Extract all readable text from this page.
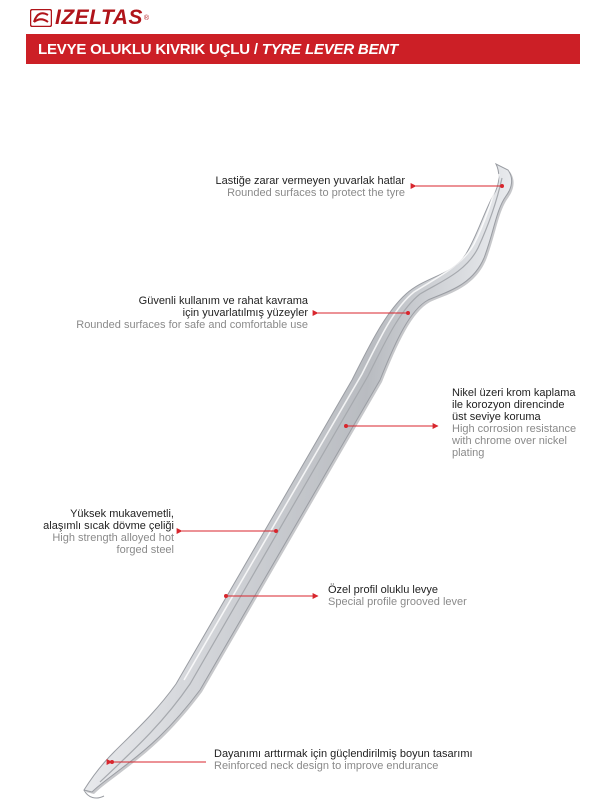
IZELTAS ®
LEVYE OLUKLU KIVRIK UÇLU / TYRE LEVER BENT
Lastiğe zarar vermeyen yuvarlak hatlar
Rounded surfaces to protect the tyre
Güvenli kullanım ve rahat kavrama
için yuvarlatılmış yüzeyler
Rounded surfaces for safe and comfortable use
Nikel üzeri krom kaplama
ile korozyon direncinde
üst seviye koruma
High corrosion resistance
with chrome over nickel
plating
Yüksek mukavemetli,
alaşımlı sıcak dövme çeliği
High strength alloyed hot
forged steel
Özel profil oluklu levye
Special profile grooved lever
Dayanımı arttırmak için güçlendirilmiş boyun tasarımı
Reinforced neck design to improve endurance
